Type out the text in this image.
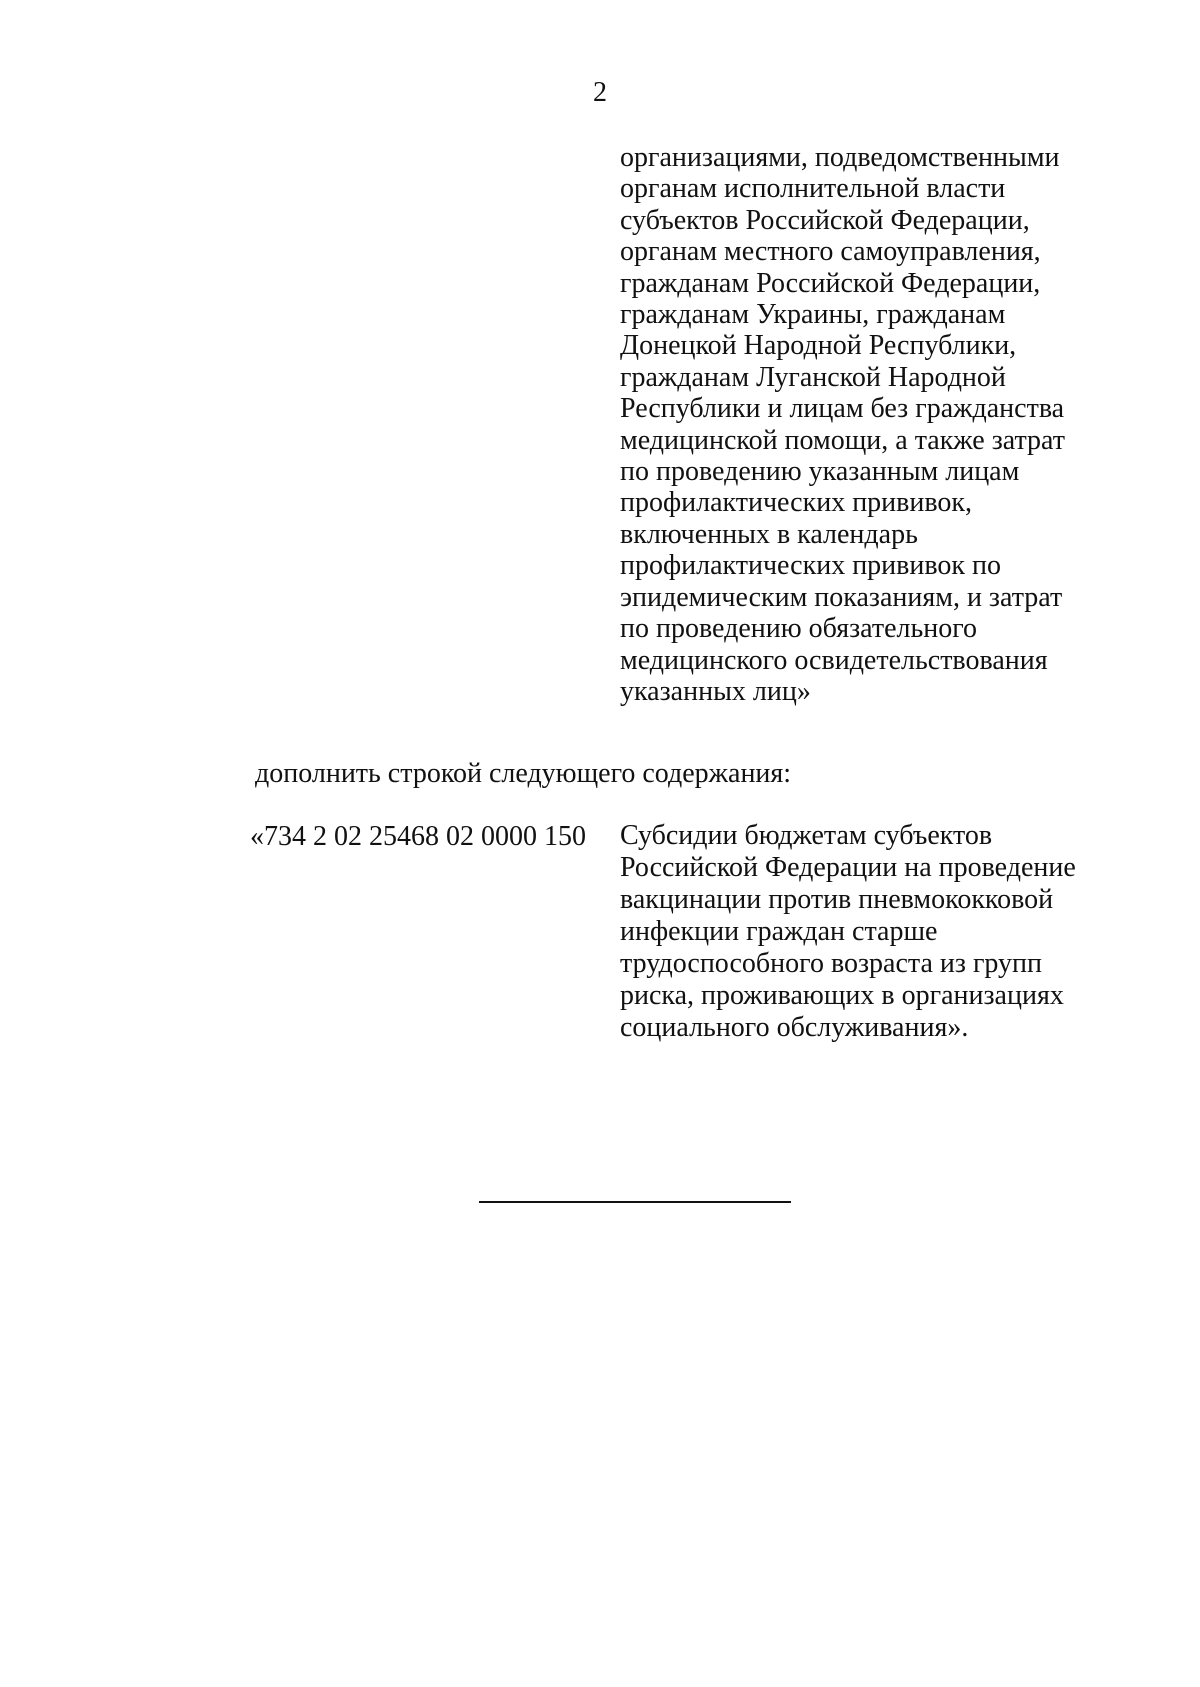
2
организациями, подведомственными
органам исполнительной власти
субъектов Российской Федерации,
органам местного самоуправления,
гражданам Российской Федерации,
гражданам Украины, гражданам
Донецкой Народной Республики,
гражданам Луганской Народной
Республики и лицам без гражданства
медицинской помощи, а также затрат
по проведению указанным лицам
профилактических прививок,
включенных в календарь
профилактических прививок по
эпидемическим показаниям, и затрат
по проведению обязательного
медицинского освидетельствования
указанных лиц»
дополнить строкой следующего содержания:
«734 2 02 25468 02 0000 150 Субсидии бюджетам субъектов
Российской Федерации на проведение
вакцинации против пневмококковой
инфекции граждан старше
трудоспособного возраста из групп
риска, проживающих в организациях
социального обслуживания».
